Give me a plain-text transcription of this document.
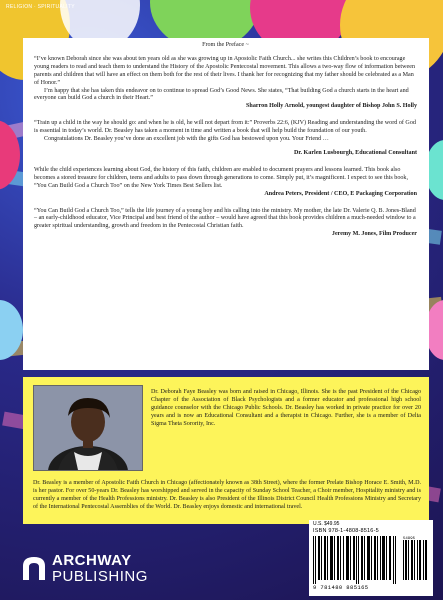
RELIGION · SPIRITUALITY

From the Preface ~

“I’ve known Deborah since she was about ten years old as she was growing up in Apostolic Faith Church... she writes this Children’s book to encourage young readers to read and teach them to understand the History of the Apostolic Pentecostal movement. This allows a two-way flow of information between parents and children that will have an effect on them both for the rest of their lives. I thank her for recognizing that my father should be celebrated as a Man of Honor.”

I’m happy that she has taken this endeavor on to continue to spread God’s Good News. She states, “That building God a church starts in the heart and everyone can build God a church in their Heart.”

Sharron Holly Arnold, youngest daughter of Bishop John S. Holly

“Train up a child in the way he should go: and when he is old, he will not depart from it:” Proverbs 22:6, (KJV) Reading and understanding the word of God is essential in today’s world. Dr. Beasley has taken a moment in time and written a book that will help build the foundation of our youth.

Congratulations Dr. Beasley you’ve done an excellent job with the gifts God has bestowed upon you. Your Friend …

Dr. Karlen Lusbourgh, Educational Consultant

While the child experiences learning about God, the history of this faith, children are enabled to document prayers and lessons learned. This book also becomes a stored treasure for children, teens and adults to pass down through generations to come. Simply put, it’s magnificent. I expect to see this book, “You Can Build God a Church Too” on the New York Times Best Sellers list.

Andrea Peters, President / CEO, E Packaging Corporation

“You Can Build God a Church Too,” tells the life journey of a young boy and his calling into the ministry. My mother, the late Dr. Valerie Q. B. Jones-Bland – an early-childhood educator, Vice Principal and best friend of the author – would have agreed that this book provides children a much-needed window to a greater spiritual understanding, growth and freedom in the Pentecostal Christian faith.

Jeremy M. Jones, Film Producer

Dr. Deborah Faye Beasley was born and raised in Chicago, Illinois. She is the past President of the Chicago Chapter of the Association of Black Psychologists and a former educator and professional high school guidance counselor with the Chicago Public Schools. Dr. Beasley has worked in private practice for over 20 years and is now an Educational Consultant and a therapist in Chicago. Further, she is a member of Delta Sigma Theta Sorority, Inc.

Dr. Beasley is a member of Apostolic Faith Church in Chicago (affectionately known as 38th Street), where the former Prelate Bishop Horace E. Smith, M.D. is her pastor. For over 50-years Dr. Beasley has worshipped and served in the capacity of Sunday School Teacher, a Choir member, Hospitality ministry and is currently a member of the Health Professions ministry. Dr. Beasley is also President of the Illinois District Council Health Professions Ministry and Secretary of the International Pentecostal Assemblies of the World. Dr. Beasley enjoys domestic and international travel.

ARCHWAY
PUBLISHING
U.S. $49.95
ISBN 978-1-4808-8516-5
54995
9 781480 885165
